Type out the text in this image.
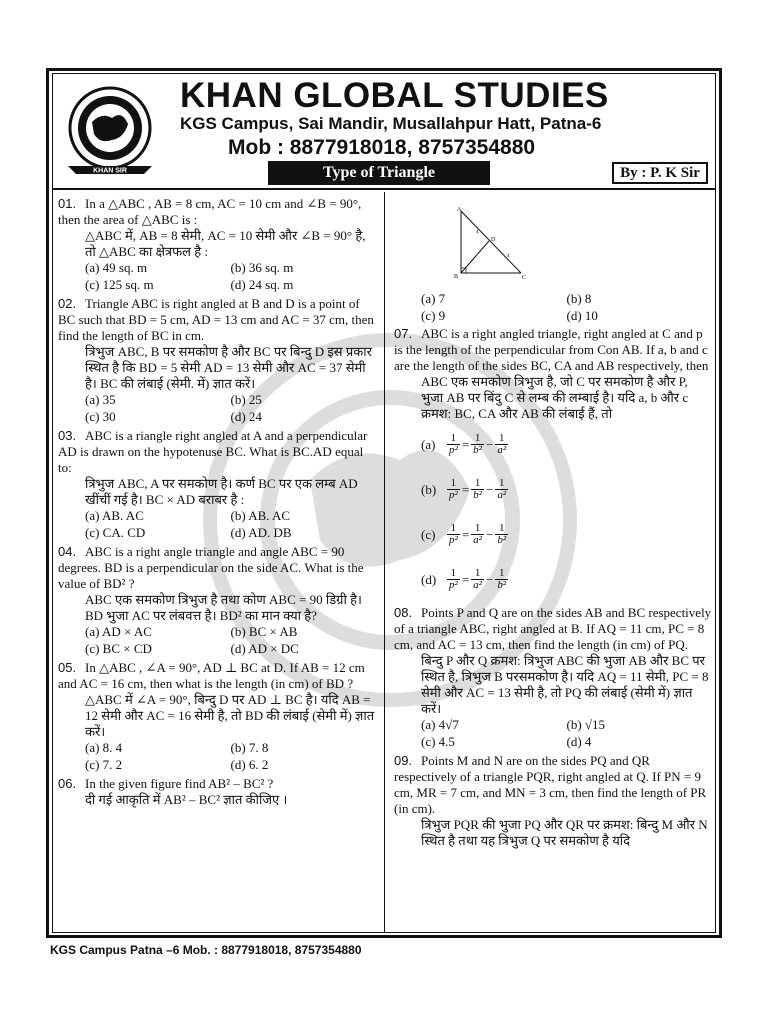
KHAN SIR
KHAN GLOBAL STUDIES
KGS Campus, Sai Mandir, Musallahpur Hatt, Patna-6
Mob : 8877918018, 8757354880
Type of Triangle	By : P. K Sir
01. In a △ABC , AB = 8 cm, AC = 10 cm and ∠B = 90°, then the area of △ABC is :
△ABC में, AB = 8 सेमी, AC = 10 सेमी और ∠B = 90° है, तो △ABC का क्षेत्रफल है :
(a) 49 sq. m	(b) 36 sq. m
(c) 125 sq. m	(d) 24 sq. m
02. Triangle ABC is right angled at B and D is a point of BC such that BD = 5 cm, AD = 13 cm and AC = 37 cm, then find the length of BC in cm.
त्रिभुज ABC, B पर समकोण है और BC पर बिन्दु D इस प्रकार स्थित है कि BD = 5 सेमी AD = 13 सेमी और AC = 37 सेमी है। BC की लंबाई (सेमी. में) ज्ञात करें।
(a) 35	(b) 25
(c) 30	(d) 24
03. ABC is a riangle right angled at A and a perpendicular AD is drawn on the hypotenuse BC. What is BC.AD equal to:
त्रिभुज ABC, A पर समकोण है। कर्ण BC पर एक लम्ब AD खींचीं गई है। BC × AD बराबर है :
(a) AB. AC	(b) AB. AC
(c) CA. CD	(d) AD. DB
04. ABC is a right angle triangle and angle ABC = 90 degrees. BD is a perpendicular on the side AC. What is the value of BD² ?
ABC एक समकोण त्रिभुज है तथा कोण ABC = 90 डिग्री है। BD भुजा AC पर लंबवत्त है। BD² का मान क्या है?
(a) AD × AC	(b) BC × AB
(c) BC × CD	(d) AD × DC
05. In △ABC , ∠A = 90°, AD ⊥ BC at D. If AB = 12 cm and AC = 16 cm, then what is the length (in cm) of BD ?
△ABC में ∠A = 90°, बिन्दु D पर AD ⊥ BC है। यदि AB = 12 सेमी और AC = 16 सेमी है, तो BD की लंबाई (सेमी में) ज्ञात करें।
(a) 8. 4	(b) 7. 8
(c) 7. 2	(d) 6. 2
06. In the given figure find AB² – BC² ?
दी गई आकृति में AB² – BC² ज्ञात कीजिए ।
A
B	C
D
4
4
(a) 7	(b) 8
(c) 9	(d) 10
07. ABC is a right angled triangle, right angled at C and p is the length of the perpendicular from Con AB. If a, b and c are the length of the sides BC, CA and AB respectively, then
ABC एक समकोण त्रिभुज है, जो C पर समकोण है और P, भुजा AB पर बिंदु C से लम्ब की लम्बाई है। यदि a, b और c क्रमश: BC, CA और AB की लंबाई हैं, तो
(a)	$\frac{1}{\text{p²}} = \frac{1}{\text{b²}} - \frac{1}{\text{a²}}$
$(b) \frac{1}{\text{p²}} = \frac{1}{\text{b²}} - \frac{1}{\text{a²}}$
(c)	$\frac{1}{\text{p²}} = \frac{1}{\text{a²}} - \frac{1}{\text{b²}}$
$(d) \frac{1}{\text{p²}} = \frac{1}{\text{a²}} - \frac{1}{\text{b²}}$
08. Points P and Q are on the sides AB and BC respectively of a triangle ABC, right angled at B. If AQ = 11 cm, PC = 8 cm, and AC = 13 cm, then find the length (in cm) of PQ.
बिन्दु P और Q क्रमश: त्रिभुज ABC की भुजा AB और BC पर स्थित है, त्रिभुज B परसमकोण है। यदि AQ = 11 सेमी, PC = 8 सेमी और AC = 13 सेमी है, तो PQ की लंबाई (सेमी में) ज्ञात करें।
(a) 4√7	(b) √15
(c) 4.5	(d) 4
09. Points M and N are on the sides PQ and QR respectively of a triangle PQR, right angled at Q. If PN = 9 cm, MR = 7 cm, and MN = 3 cm, then find the length of PR (in cm).
त्रिभुज PQR की भुजा PQ और QR पर क्रमश: बिन्दु M और N स्थित है तथा यह त्रिभुज Q पर समकोण है यदि
KGS Campus Patna –6 Mob. : 8877918018, 8757354880
